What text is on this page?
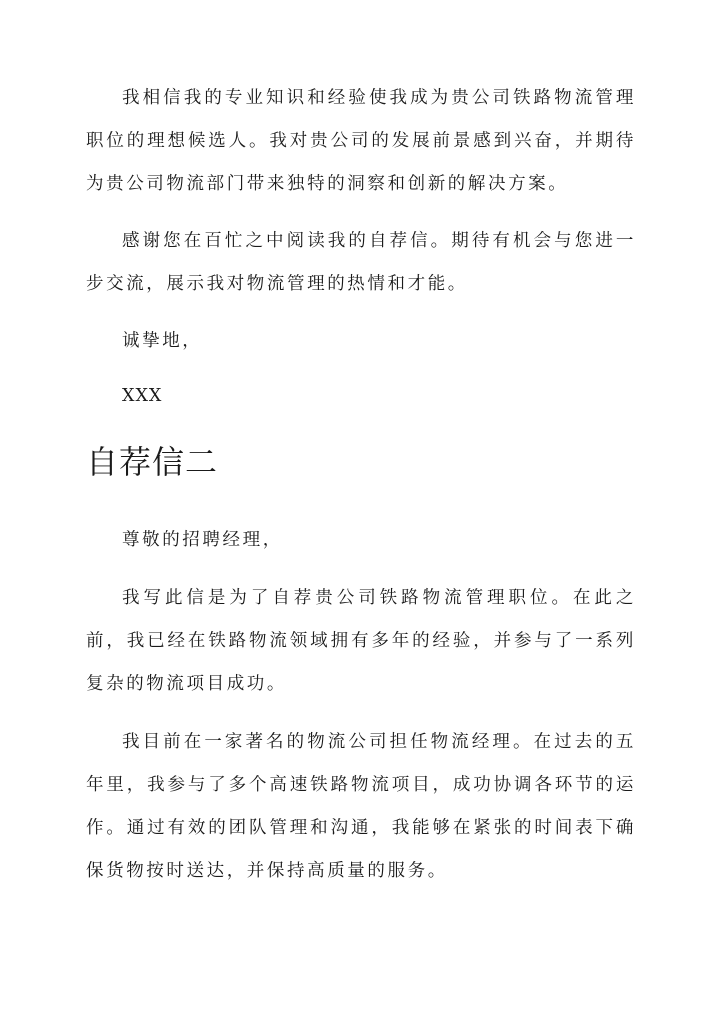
我相信我的专业知识和经验使我成为贵公司铁路物流管理职位的理想候选人。我对贵公司的发展前景感到兴奋，并期待为贵公司物流部门带来独特的洞察和创新的解决方案。

感谢您在百忙之中阅读我的自荐信。期待有机会与您进一步交流，展示我对物流管理的热情和才能。

诚挚地，

XXX

自荐信二

尊敬的招聘经理，

我写此信是为了自荐贵公司铁路物流管理职位。在此之前，我已经在铁路物流领域拥有多年的经验，并参与了一系列复杂的物流项目成功。

我目前在一家著名的物流公司担任物流经理。在过去的五年里，我参与了多个高速铁路物流项目，成功协调各环节的运作。通过有效的团队管理和沟通，我能够在紧张的时间表下确保货物按时送达，并保持高质量的服务。
